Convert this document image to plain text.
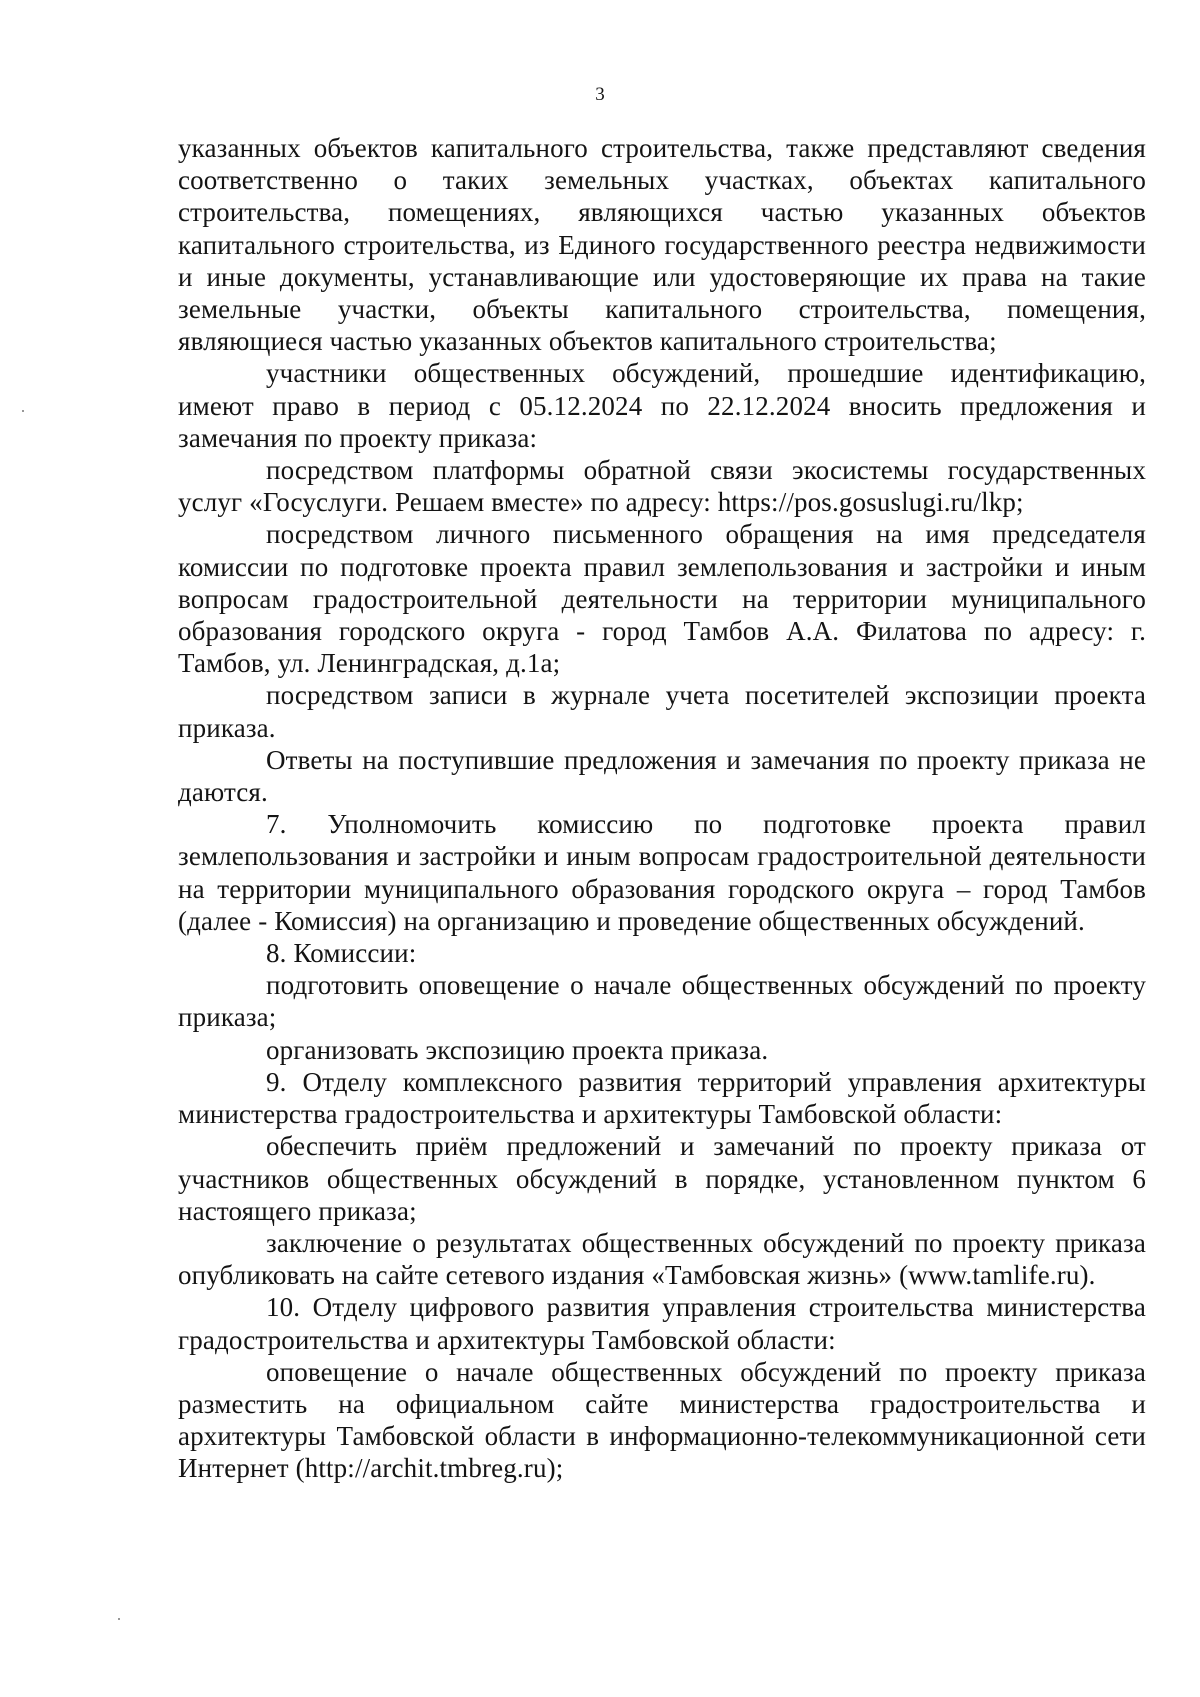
3

указанных объектов капитального строительства, также представляют сведения соответственно о таких земельных участках, объектах капитального строительства, помещениях, являющихся частью указанных объектов капитального строительства, из Единого государственного реестра недвижимости и иные документы, устанавливающие или удостоверяющие их права на такие земельные участки, объекты капитального строительства, помещения, являющиеся частью указанных объектов капитального строительства;

участники общественных обсуждений, прошедшие идентификацию, имеют право в период с 05.12.2024 по 22.12.2024 вносить предложения и замечания по проекту приказа:

посредством платформы обратной связи экосистемы государственных услуг «Госуслуги. Решаем вместе» по адресу: https://pos.gosuslugi.ru/lkp;

посредством личного письменного обращения на имя председателя комиссии по подготовке проекта правил землепользования и застройки и иным вопросам градостроительной деятельности на территории муниципального образования городского округа - город Тамбов А.А. Филатова по адресу: г. Тамбов, ул. Ленинградская, д.1а;

посредством записи в журнале учета посетителей экспозиции проекта приказа.

Ответы на поступившие предложения и замечания по проекту приказа не даются.

7. Уполномочить комиссию по подготовке проекта правил землепользования и застройки и иным вопросам градостроительной деятельности на территории муниципального образования городского округа – город Тамбов (далее - Комиссия) на организацию и проведение общественных обсуждений.

8. Комиссии:

подготовить оповещение о начале общественных обсуждений по проекту приказа;

организовать экспозицию проекта приказа.

9. Отделу комплексного развития территорий управления архитектуры министерства градостроительства и архитектуры Тамбовской области:

обеспечить приём предложений и замечаний по проекту приказа от участников общественных обсуждений в порядке, установленном пунктом 6 настоящего приказа;

заключение о результатах общественных обсуждений по проекту приказа опубликовать на сайте сетевого издания «Тамбовская жизнь» (www.tamlife.ru).

10. Отделу цифрового развития управления строительства министерства градостроительства и архитектуры Тамбовской области:

оповещение о начале общественных обсуждений по проекту приказа разместить на официальном сайте министерства градостроительства и архитектуры Тамбовской области в информационно-телекоммуникационной сети Интернет (http://archit.tmbreg.ru);
